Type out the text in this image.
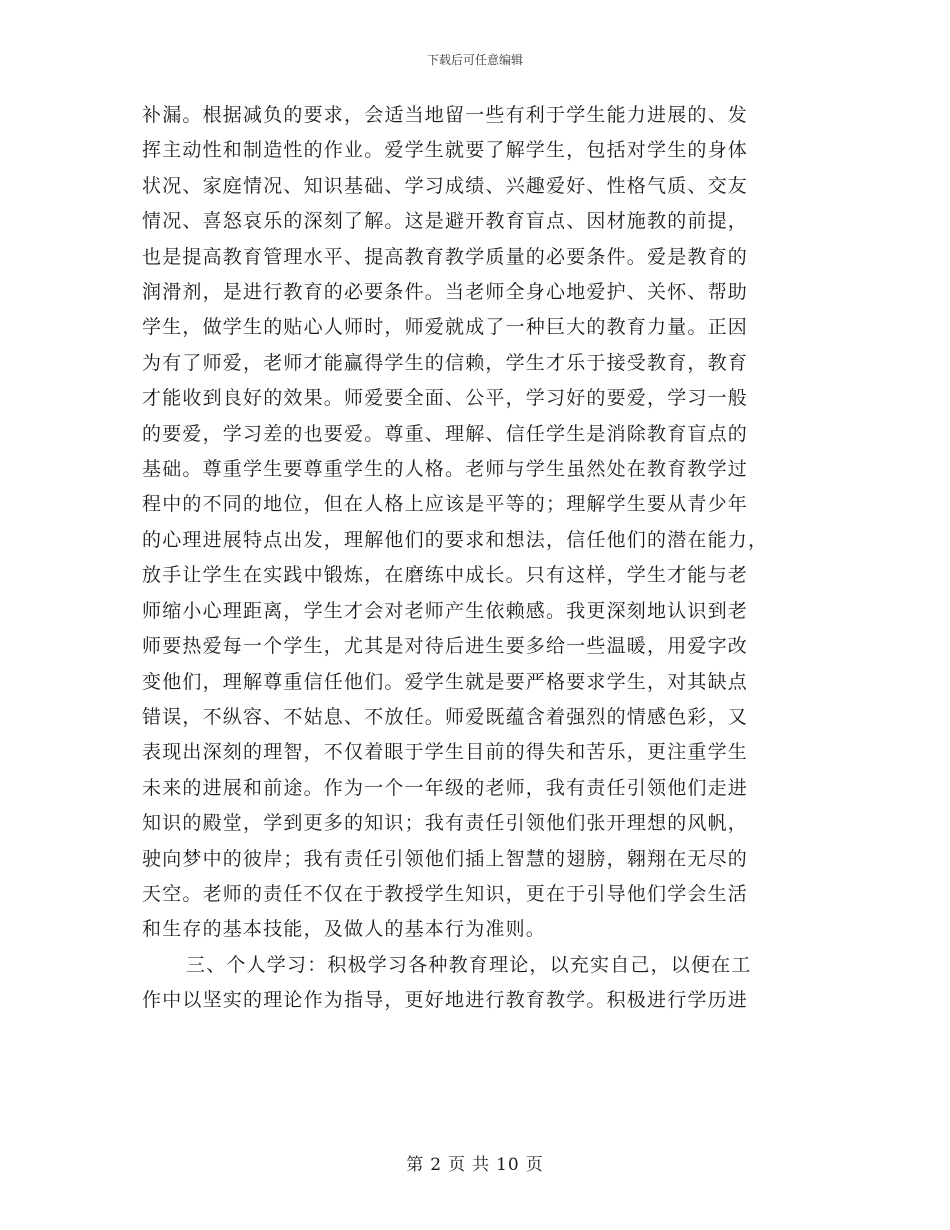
下载后可任意编辑

补漏。根据减负的要求，会适当地留一些有利于学生能力进展的、发
挥主动性和制造性的作业。爱学生就要了解学生，包括对学生的身体
状况、家庭情况、知识基础、学习成绩、兴趣爱好、性格气质、交友
情况、喜怒哀乐的深刻了解。这是避开教育盲点、因材施教的前提，
也是提高教育管理水平、提高教育教学质量的必要条件。爱是教育的
润滑剂，是进行教育的必要条件。当老师全身心地爱护、关怀、帮助
学生，做学生的贴心人师时，师爱就成了一种巨大的教育力量。正因
为有了师爱，老师才能赢得学生的信赖，学生才乐于接受教育，教育
才能收到良好的效果。师爱要全面、公平，学习好的要爱，学习一般
的要爱，学习差的也要爱。尊重、理解、信任学生是消除教育盲点的
基础。尊重学生要尊重学生的人格。老师与学生虽然处在教育教学过
程中的不同的地位，但在人格上应该是平等的；理解学生要从青少年
的心理进展特点出发，理解他们的要求和想法，信任他们的潜在能力，
放手让学生在实践中锻炼，在磨练中成长。只有这样，学生才能与老
师缩小心理距离，学生才会对老师产生依赖感。我更深刻地认识到老
师要热爱每一个学生，尤其是对待后进生要多给一些温暖，用爱字改
变他们，理解尊重信任他们。爱学生就是要严格要求学生，对其缺点
错误，不纵容、不姑息、不放任。师爱既蕴含着强烈的情感色彩，又
表现出深刻的理智，不仅着眼于学生目前的得失和苦乐，更注重学生
未来的进展和前途。作为一个一年级的老师，我有责任引领他们走进
知识的殿堂，学到更多的知识；我有责任引领他们张开理想的风帆，
驶向梦中的彼岸；我有责任引领他们插上智慧的翅膀，翱翔在无尽的
天空。老师的责任不仅在于教授学生知识，更在于引导他们学会生活
和生存的基本技能，及做人的基本行为准则。

三、个人学习：积极学习各种教育理论，以充实自己，以便在工
作中以坚实的理论作为指导，更好地进行教育教学。积极进行学历进

第 2 页 共 10 页
